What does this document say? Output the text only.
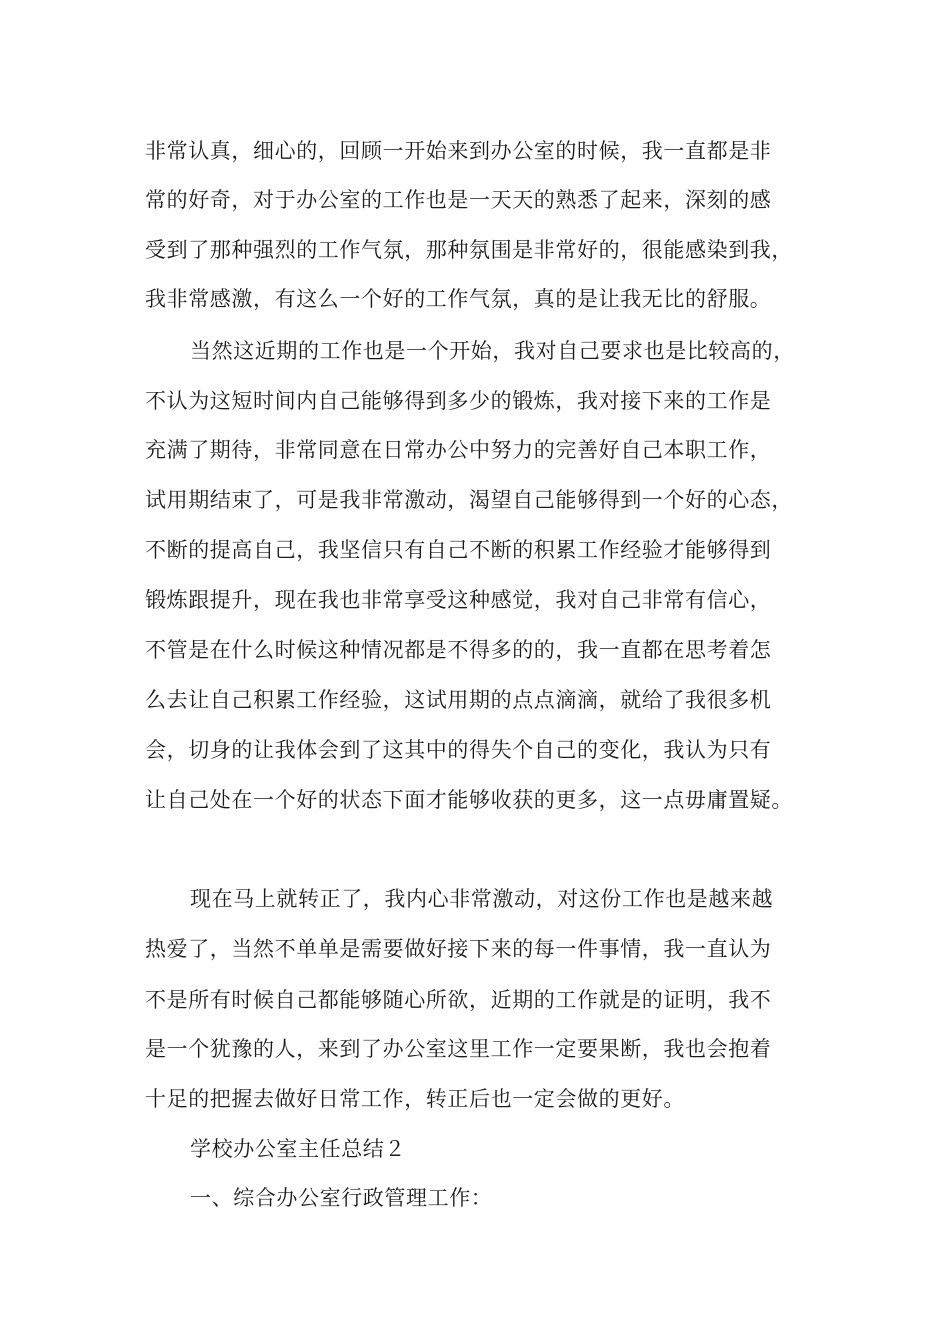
非常认真，细心的，回顾一开始来到办公室的时候，我一直都是非
常的好奇，对于办公室的工作也是一天天的熟悉了起来，深刻的感
受到了那种强烈的工作气氛，那种氛围是非常好的，很能感染到我，
我非常感激，有这么一个好的工作气氛，真的是让我无比的舒服。
当然这近期的工作也是一个开始，我对自己要求也是比较高的，
不认为这短时间内自己能够得到多少的锻炼，我对接下来的工作是
充满了期待，非常同意在日常办公中努力的完善好自己本职工作，
试用期结束了，可是我非常激动，渴望自己能够得到一个好的心态，
不断的提高自己，我坚信只有自己不断的积累工作经验才能够得到
锻炼跟提升，现在我也非常享受这种感觉，我对自己非常有信心，
不管是在什么时候这种情况都是不得多的的，我一直都在思考着怎
么去让自己积累工作经验，这试用期的点点滴滴，就给了我很多机
会，切身的让我体会到了这其中的得失个自己的变化，我认为只有
让自己处在一个好的状态下面才能够收获的更多，这一点毋庸置疑。
现在马上就转正了，我内心非常激动，对这份工作也是越来越
热爱了，当然不单单是需要做好接下来的每一件事情，我一直认为
不是所有时候自己都能够随心所欲，近期的工作就是的证明，我不
是一个犹豫的人，来到了办公室这里工作一定要果断，我也会抱着
十足的把握去做好日常工作，转正后也一定会做的更好。
学校办公室主任总结２
一、综合办公室行政管理工作：
